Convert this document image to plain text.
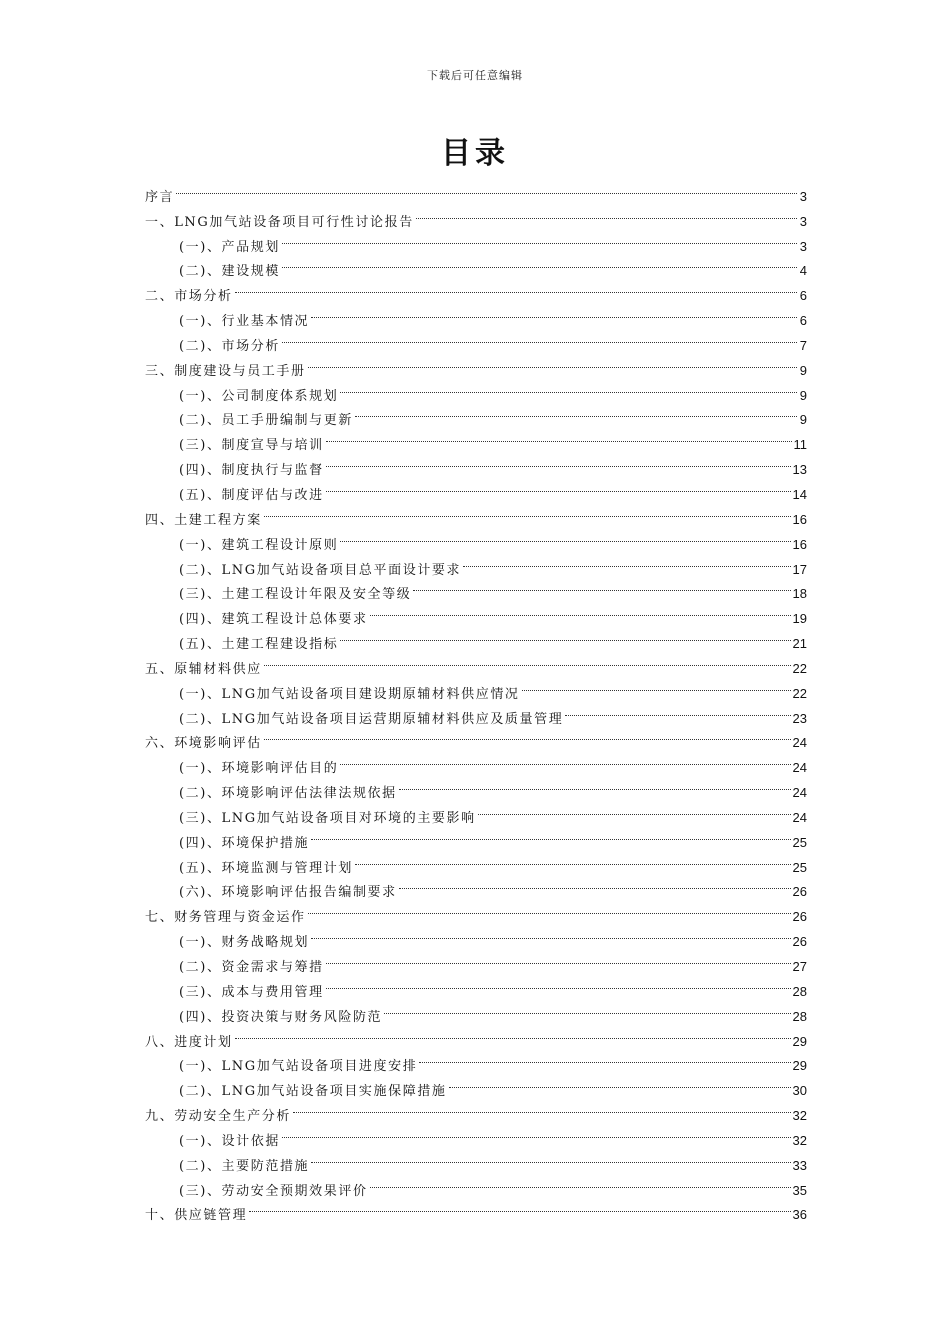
下载后可任意编辑
目录
序言	3
一、LNG加气站设备项目可行性讨论报告	3
(一)、产品规划	3
(二)、建设规模	4
二、市场分析	6
(一)、行业基本情况	6
(二)、市场分析	7
三、制度建设与员工手册	9
(一)、公司制度体系规划	9
(二)、员工手册编制与更新	9
(三)、制度宣导与培训	11
(四)、制度执行与监督	13
(五)、制度评估与改进	14
四、土建工程方案	16
(一)、建筑工程设计原则	16
(二)、LNG加气站设备项目总平面设计要求	17
(三)、土建工程设计年限及安全等级	18
(四)、建筑工程设计总体要求	19
(五)、土建工程建设指标	21
五、原辅材料供应	22
(一)、LNG加气站设备项目建设期原辅材料供应情况	22
(二)、LNG加气站设备项目运营期原辅材料供应及质量管理	23
六、环境影响评估	24
(一)、环境影响评估目的	24
(二)、环境影响评估法律法规依据	24
(三)、LNG加气站设备项目对环境的主要影响	24
(四)、环境保护措施	25
(五)、环境监测与管理计划	25
(六)、环境影响评估报告编制要求	26
七、财务管理与资金运作	26
(一)、财务战略规划	26
(二)、资金需求与筹措	27
(三)、成本与费用管理	28
(四)、投资决策与财务风险防范	28
八、进度计划	29
(一)、LNG加气站设备项目进度安排	29
(二)、LNG加气站设备项目实施保障措施	30
九、劳动安全生产分析	32
(一)、设计依据	32
(二)、主要防范措施	33
(三)、劳动安全预期效果评价	35
十、供应链管理	36
